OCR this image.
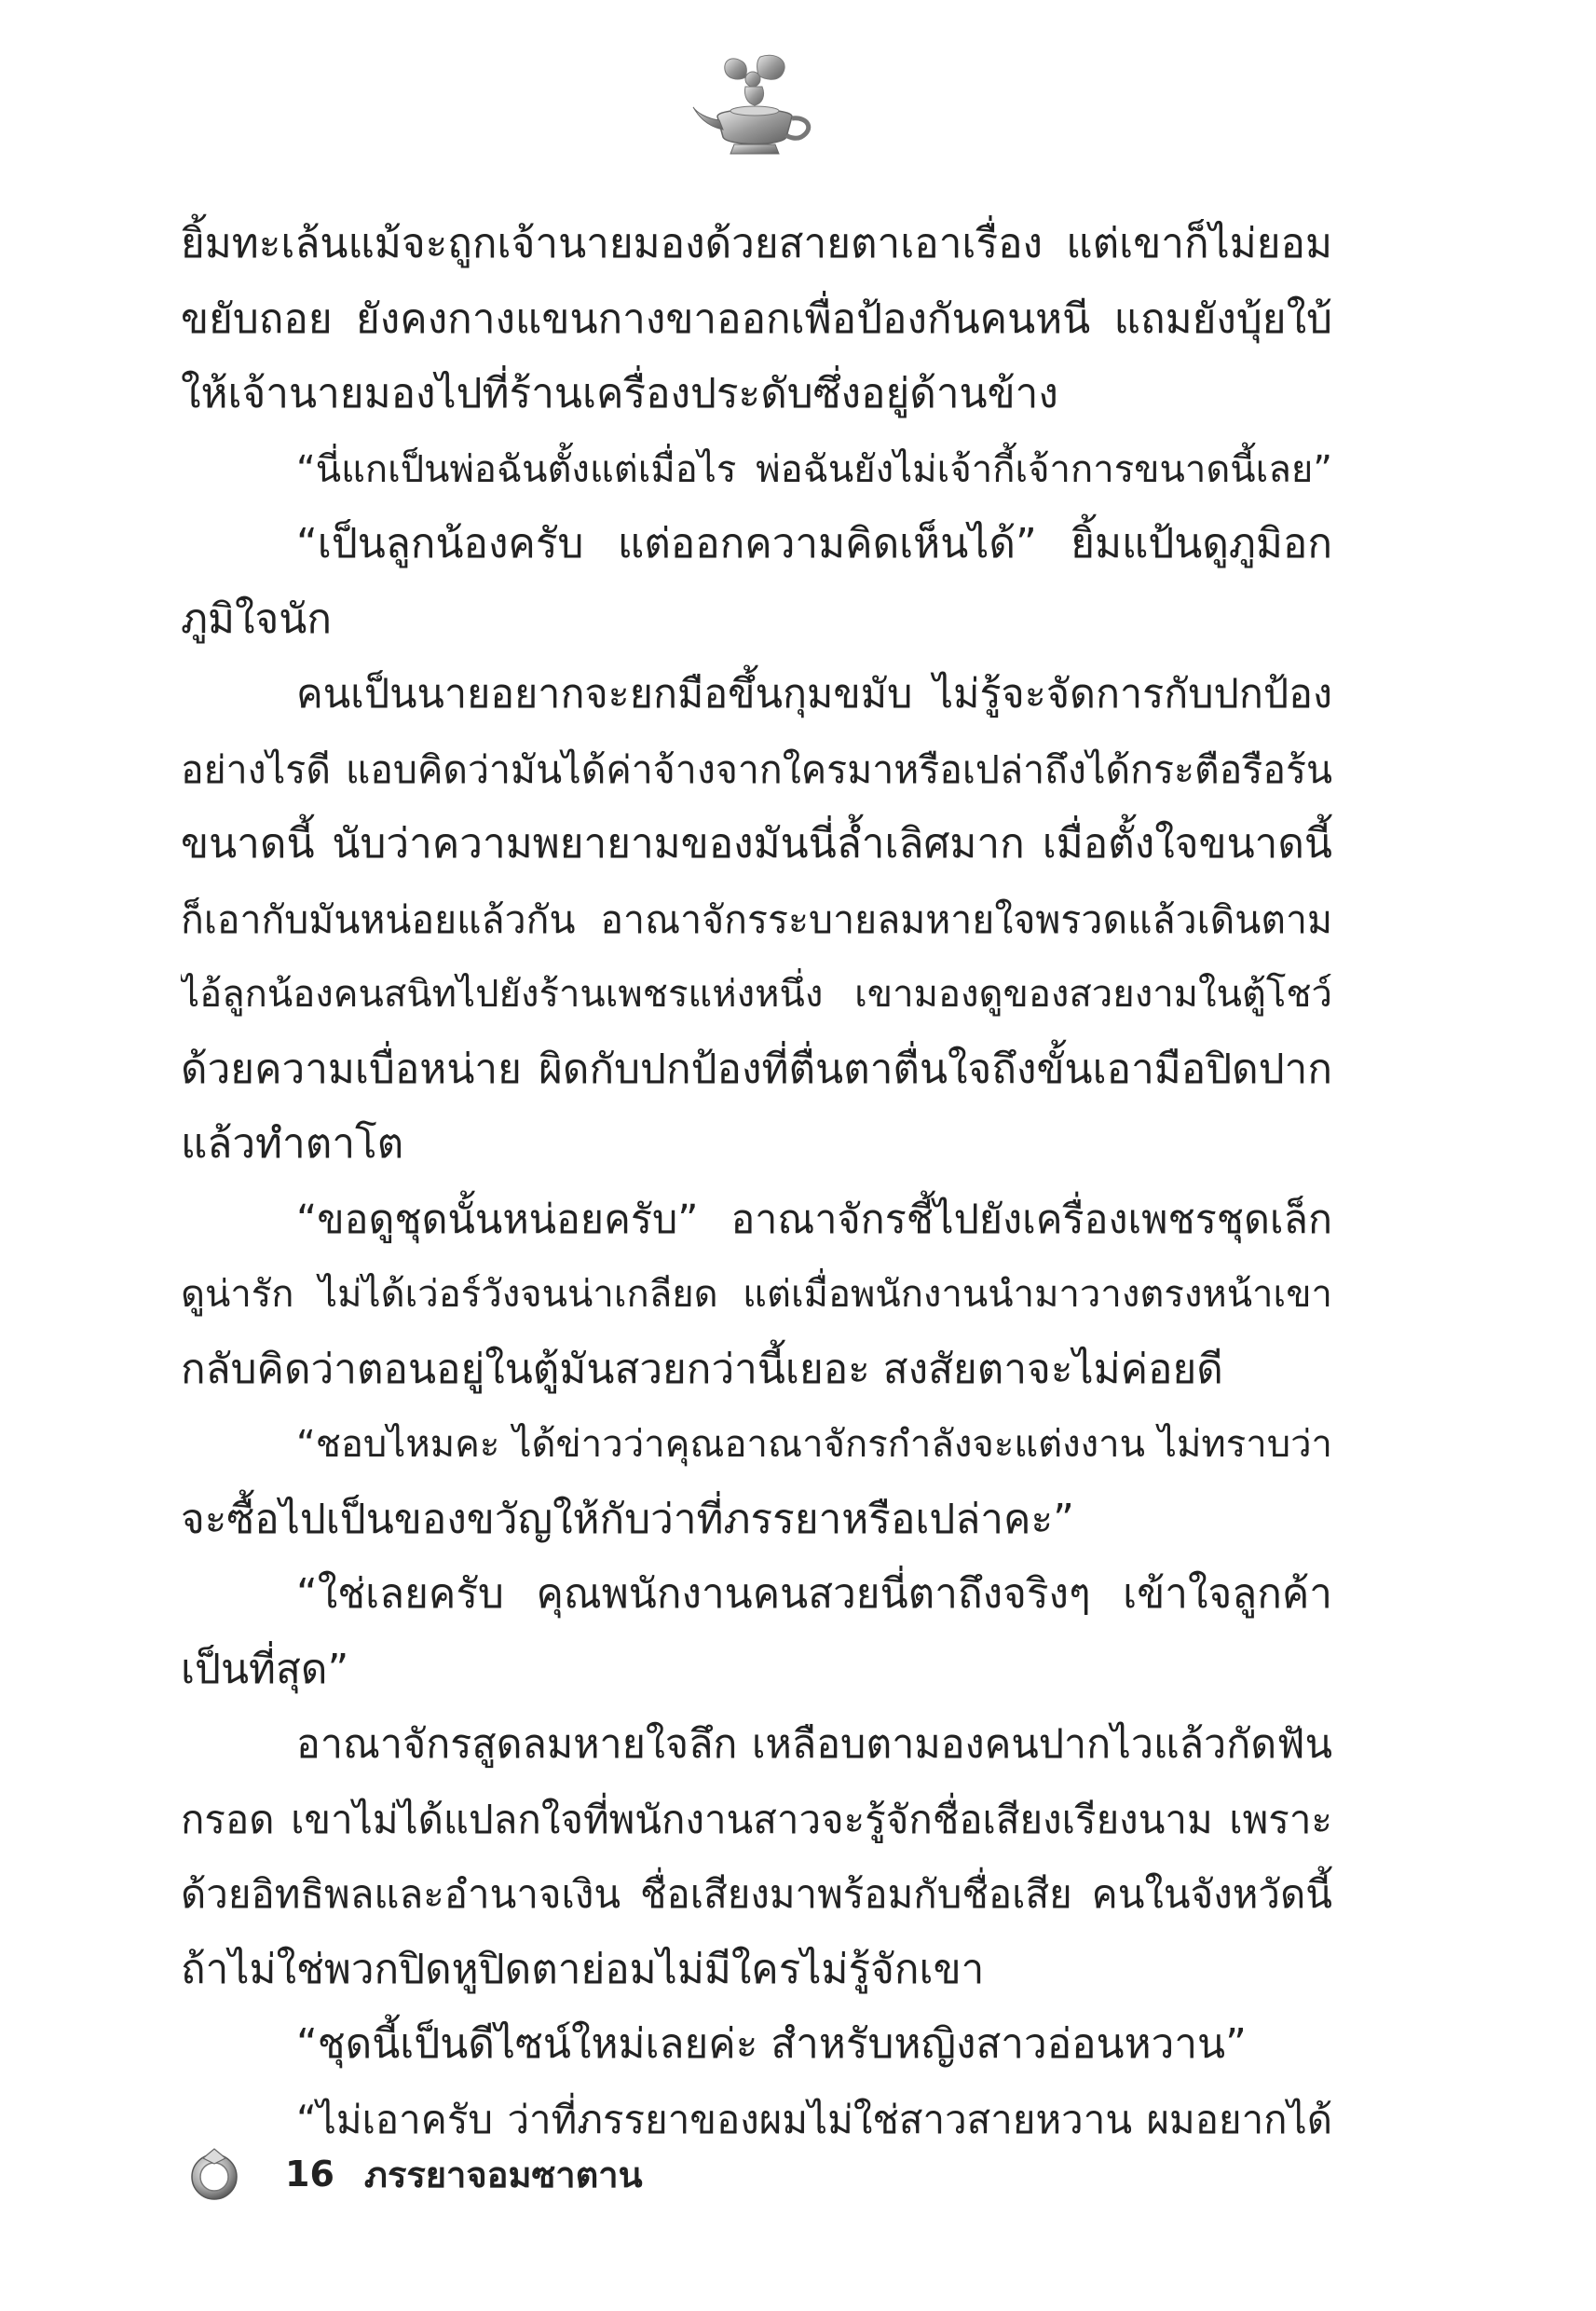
ยิ้มทะเล้นแม้จะถูกเจ้านายมองด้วยสายตาเอาเรื่อง แต่เขาก็ไม่ยอม
ขยับถอย ยังคงกางแขนกางขาออกเพื่อป้องกันคนหนี แถมยังบุ้ยใบ้
ให้เจ้านายมองไปที่ร้านเครื่องประดับซึ่งอยู่ด้านข้าง
“นี่แกเป็นพ่อฉันตั้งแต่เมื่อไร พ่อฉันยังไม่เจ้ากี้เจ้าการขนาดนี้เลย”
“เป็นลูกน้องครับ แต่ออกความคิดเห็นได้” ยิ้มแป้นดูภูมิอก
ภูมิใจนัก
คนเป็นนายอยากจะยกมือขึ้นกุมขมับ ไม่รู้จะจัดการกับปกป้อง
อย่างไรดี แอบคิดว่ามันได้ค่าจ้างจากใครมาหรือเปล่าถึงได้กระตือรือร้น
ขนาดนี้ นับว่าความพยายามของมันนี่ล้ำเลิศมาก เมื่อตั้งใจขนาดนี้
ก็เอากับมันหน่อยแล้วกัน อาณาจักรระบายลมหายใจพรวดแล้วเดินตาม
ไอ้ลูกน้องคนสนิทไปยังร้านเพชรแห่งหนึ่ง เขามองดูของสวยงามในตู้โชว์
ด้วยความเบื่อหน่าย ผิดกับปกป้องที่ตื่นตาตื่นใจถึงขั้นเอามือปิดปาก
แล้วทำตาโต
“ขอดูชุดนั้นหน่อยครับ” อาณาจักรชี้ไปยังเครื่องเพชรชุดเล็ก
ดูน่ารัก ไม่ได้เว่อร์วังจนน่าเกลียด แต่เมื่อพนักงานนำมาวางตรงหน้าเขา
กลับคิดว่าตอนอยู่ในตู้มันสวยกว่านี้เยอะ สงสัยตาจะไม่ค่อยดี
“ชอบไหมคะ ได้ข่าวว่าคุณอาณาจักรกำลังจะแต่งงาน ไม่ทราบว่า
จะซื้อไปเป็นของขวัญให้กับว่าที่ภรรยาหรือเปล่าคะ”
“ใช่เลยครับ คุณพนักงานคนสวยนี่ตาถึงจริงๆ เข้าใจลูกค้า
เป็นที่สุด”
อาณาจักรสูดลมหายใจลึก เหลือบตามองคนปากไวแล้วกัดฟัน
กรอด เขาไม่ได้แปลกใจที่พนักงานสาวจะรู้จักชื่อเสียงเรียงนาม เพราะ
ด้วยอิทธิพลและอำนาจเงิน ชื่อเสียงมาพร้อมกับชื่อเสีย คนในจังหวัดนี้
ถ้าไม่ใช่พวกปิดหูปิดตาย่อมไม่มีใครไม่รู้จักเขา
“ชุดนี้เป็นดีไซน์ใหม่เลยค่ะ สำหรับหญิงสาวอ่อนหวาน”
“ไม่เอาครับ ว่าที่ภรรยาของผมไม่ใช่สาวสายหวาน ผมอยากได้
16 ภรรยาจอมซาตาน
